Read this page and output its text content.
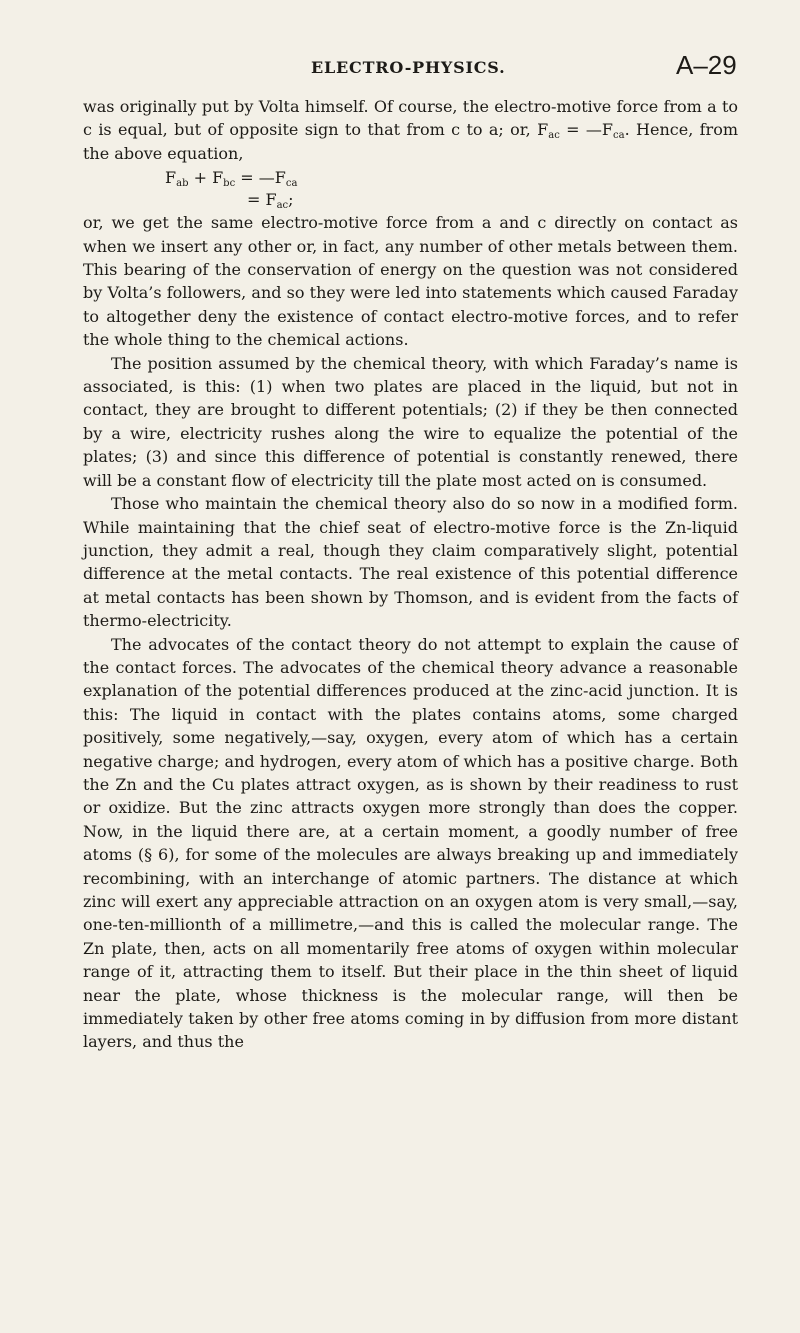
ELECTRO-PHYSICS.	A–29

was originally put by Volta himself. Of course, the electro-motive force from a to c is equal, but of opposite sign to that from c to a; or, $F_{ac}$ = $—F_{ca}$. Hence, from the above equation,

$F_{ab} + F_{bc}$ = $—F_{ca}$
= $F_{ac}$;

or, we get the same electro-motive force from a and c directly on contact as when we insert any other or, in fact, any number of other metals between them. This bearing of the conservation of energy on the question was not considered by Volta’s followers, and so they were led into statements which caused Faraday to altogether deny the existence of contact electro-motive forces, and to refer the whole thing to the chemical actions.

The position assumed by the chemical theory, with which Faraday’s name is associated, is this: (1) when two plates are placed in the liquid, but not in contact, they are brought to different potentials; (2) if they be then connected by a wire, electricity rushes along the wire to equalize the potential of the plates; (3) and since this difference of potential is constantly renewed, there will be a constant flow of electricity till the plate most acted on is consumed.

Those who maintain the chemical theory also do so now in a modified form. While maintaining that the chief seat of electro-motive force is the Zn-liquid junction, they admit a real, though they claim comparatively slight, potential difference at the metal contacts. The real existence of this potential difference at metal contacts has been shown by Thomson, and is evident from the facts of thermo-electricity.

The advocates of the contact theory do not attempt to explain the cause of the contact forces. The advocates of the chemical theory advance a reasonable explanation of the potential differences produced at the zinc-acid junction. It is this: The liquid in contact with the plates contains atoms, some charged positively, some negatively,—say, oxygen, every atom of which has a certain negative charge; and hydrogen, every atom of which has a positive charge. Both the Zn and the Cu plates attract oxygen, as is shown by their readiness to rust or oxidize. But the zinc attracts oxygen more strongly than does the copper. Now, in the liquid there are, at a certain moment, a goodly number of free atoms (§ 6), for some of the molecules are always breaking up and immediately recombining, with an interchange of atomic partners. The distance at which zinc will exert any appreciable attraction on an oxygen atom is very small,—say, one-ten-millionth of a millimetre,—and this is called the molecular range. The Zn plate, then, acts on all momentarily free atoms of oxygen within molecular range of it, attracting them to itself. But their place in the thin sheet of liquid near the plate, whose thickness is the molecular range, will then be immediately taken by other free atoms coming in by diffusion from more distant layers, and thus the
